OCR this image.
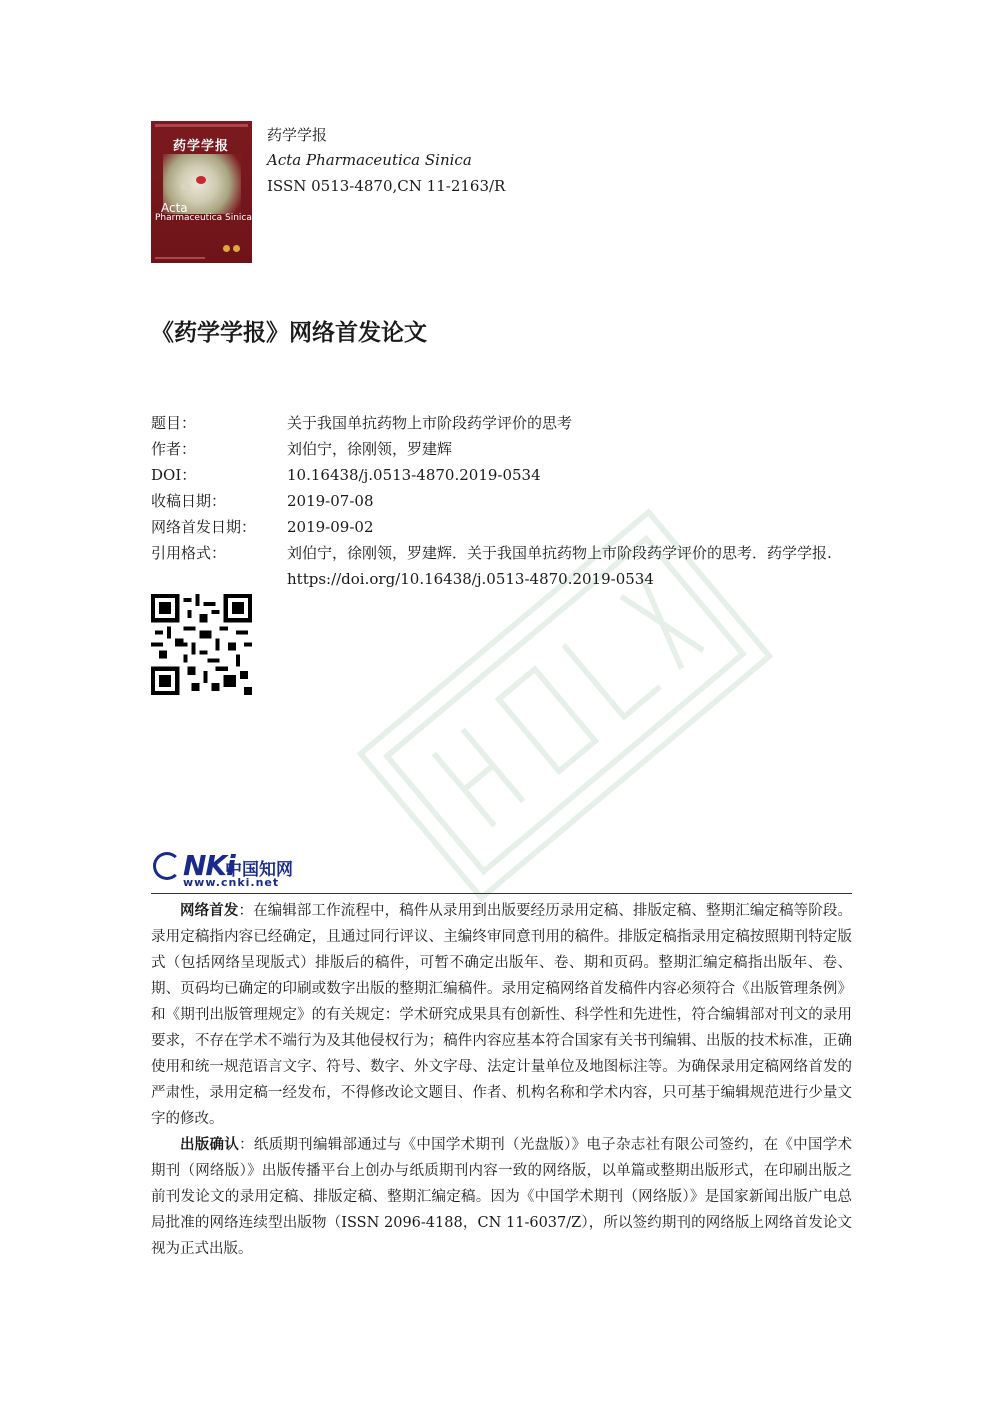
药学学报
Acta
Pharmaceutica Sinica
药学学报
Acta Pharmaceutica Sinica
ISSN 0513-4870,CN 11-2163/R
《药学学报》网络首发论文
题目：	关于我国单抗药物上市阶段药学评价的思考
作者：	刘伯宁，徐刚领，罗建辉
DOI：	10.16438/j.0513-4870.2019-0534
收稿日期：	2019-07-08
网络首发日期：	2019-09-02
引用格式：	刘伯宁，徐刚领，罗建辉．关于我国单抗药物上市阶段药学评价的思考．药学学报. https://doi.org/10.16438/j.0513-4870.2019-0534
NKi
中国知网
www.cnki.net
网络首发：在编辑部工作流程中，稿件从录用到出版要经历录用定稿、排版定稿、整期汇编定稿等阶段。录用定稿指内容已经确定，且通过同行评议、主编终审同意刊用的稿件。排版定稿指录用定稿按照期刊特定版式（包括网络呈现版式）排版后的稿件，可暂不确定出版年、卷、期和页码。整期汇编定稿指出版年、卷、期、页码均已确定的印刷或数字出版的整期汇编稿件。录用定稿网络首发稿件内容必须符合《出版管理条例》和《期刊出版管理规定》的有关规定：学术研究成果具有创新性、科学性和先进性，符合编辑部对刊文的录用要求，不存在学术不端行为及其他侵权行为；稿件内容应基本符合国家有关书刊编辑、出版的技术标准，正确使用和统一规范语言文字、符号、数字、外文字母、法定计量单位及地图标注等。为确保录用定稿网络首发的严肃性，录用定稿一经发布，不得修改论文题目、作者、机构名称和学术内容，只可基于编辑规范进行少量文字的修改。
出版确认：纸质期刊编辑部通过与《中国学术期刊（光盘版）》电子杂志社有限公司签约，在《中国学术期刊（网络版）》出版传播平台上创办与纸质期刊内容一致的网络版，以单篇或整期出版形式，在印刷出版之前刊发论文的录用定稿、排版定稿、整期汇编定稿。因为《中国学术期刊（网络版）》是国家新闻出版广电总局批准的网络连续型出版物（ISSN 2096-4188，CN 11-6037/Z），所以签约期刊的网络版上网络首发论文视为正式出版。
